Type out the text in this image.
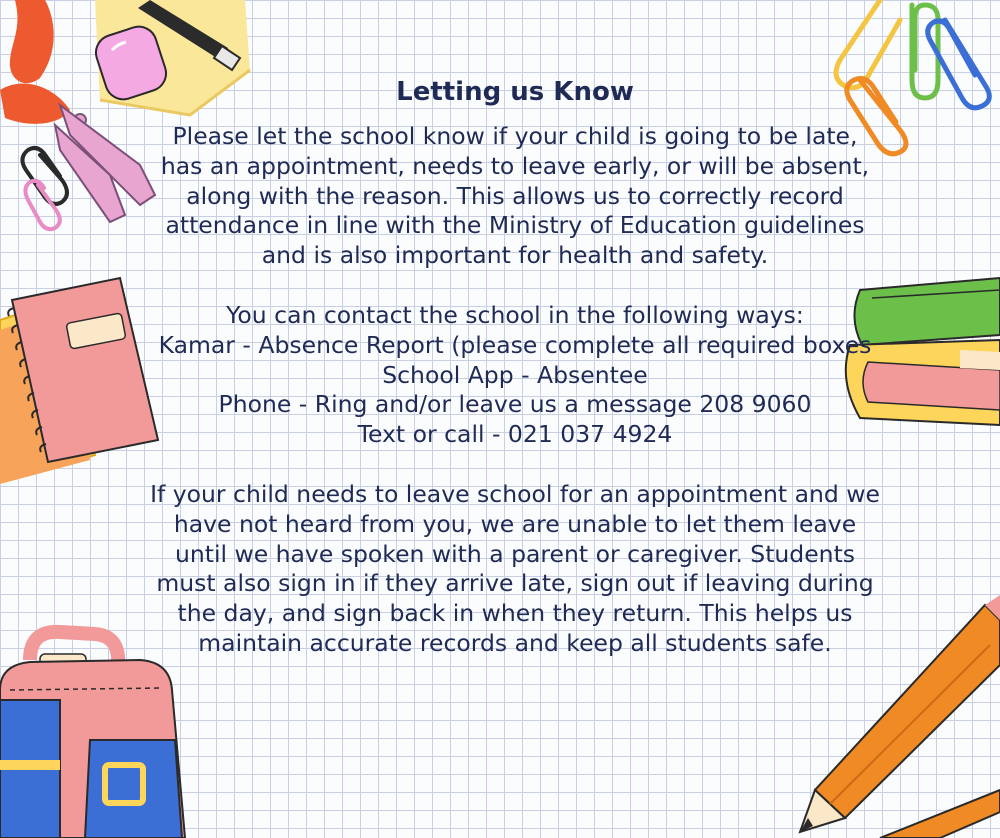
Letting us Know

Please let the school know if your child is going to be late, has an appointment, needs to leave early, or will be absent, along with the reason. This allows us to correctly record attendance in line with the Ministry of Education guidelines and is also important for health and safety.

You can contact the school in the following ways:
Kamar - Absence Report (please complete all required boxes
School App - Absentee
Phone - Ring and/or leave us a message 208 9060
Text or call - 021 037 4924

If your child needs to leave school for an appointment and we have not heard from you, we are unable to let them leave until we have spoken with a parent or caregiver. Students must also sign in if they arrive late, sign out if leaving during the day, and sign back in when they return. This helps us maintain accurate records and keep all students safe.
